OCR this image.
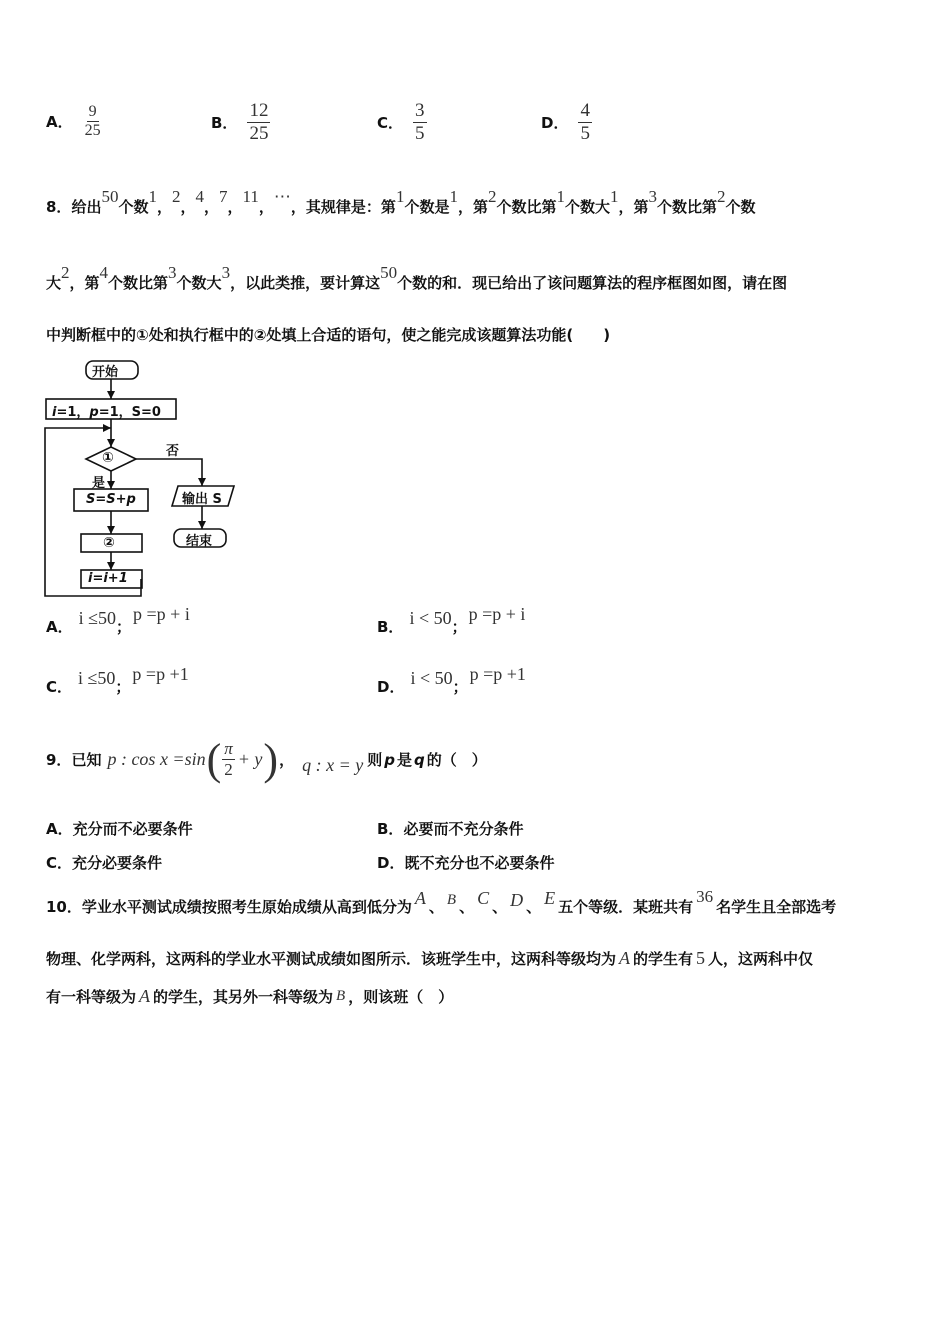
A． $\frac{9}{25}$	B． $\frac{12}{25}$	C． $\frac{3}{5}$	D． $\frac{4}{5}$
8． 给出
50
个数
1
，
2
，
4
，
7
，
11
，
⋯
，其规律是：第
1
个数是
1
，第
2
个数比第
1
个数大
1
，第
3
个数比第
2
个数
大
2
，第
4
个数比第
3
个数大
3
，以此类推，要计算这
50
个数的和．现已给出了该问题算法的程序框图如图，请在图
中判断框中的①处和执行框中的②处填上合适的语句，使之能完成该题算法功能(　　)
开始
i=1，p=1，S=0
①	否
是
S=S+p
②
i=i+1
输出 S
结束
A． i ≤50 ；
p =p + i
B． i < 50 ；
p =p + i
C． i ≤50 ；
p =p +1
D． i < 50 ；
p =p +1
9． 已知 p : cos x =sin ( $\frac{\pi}{2} + y$ ) ， q : x = y 则 p 是 q 的（　）
A．充分而不必要条件	B．必要而不充分条件
C．充分必要条件	D．既不充分也不必要条件
10． 学业水平测试成绩按照考生原始成绩从高到低分为 A 、 B 、 C 、 D 、 E 五个等级．某班共有
36
名学生且全部选考
物理、化学两科，这两科的学业水平测试成绩如图所示．该班学生中，这两科等级均为 A 的学生有 5 人，这两科中仅
有一科等级为 A 的学生，其另外一科等级为 B ，则该班（　）
